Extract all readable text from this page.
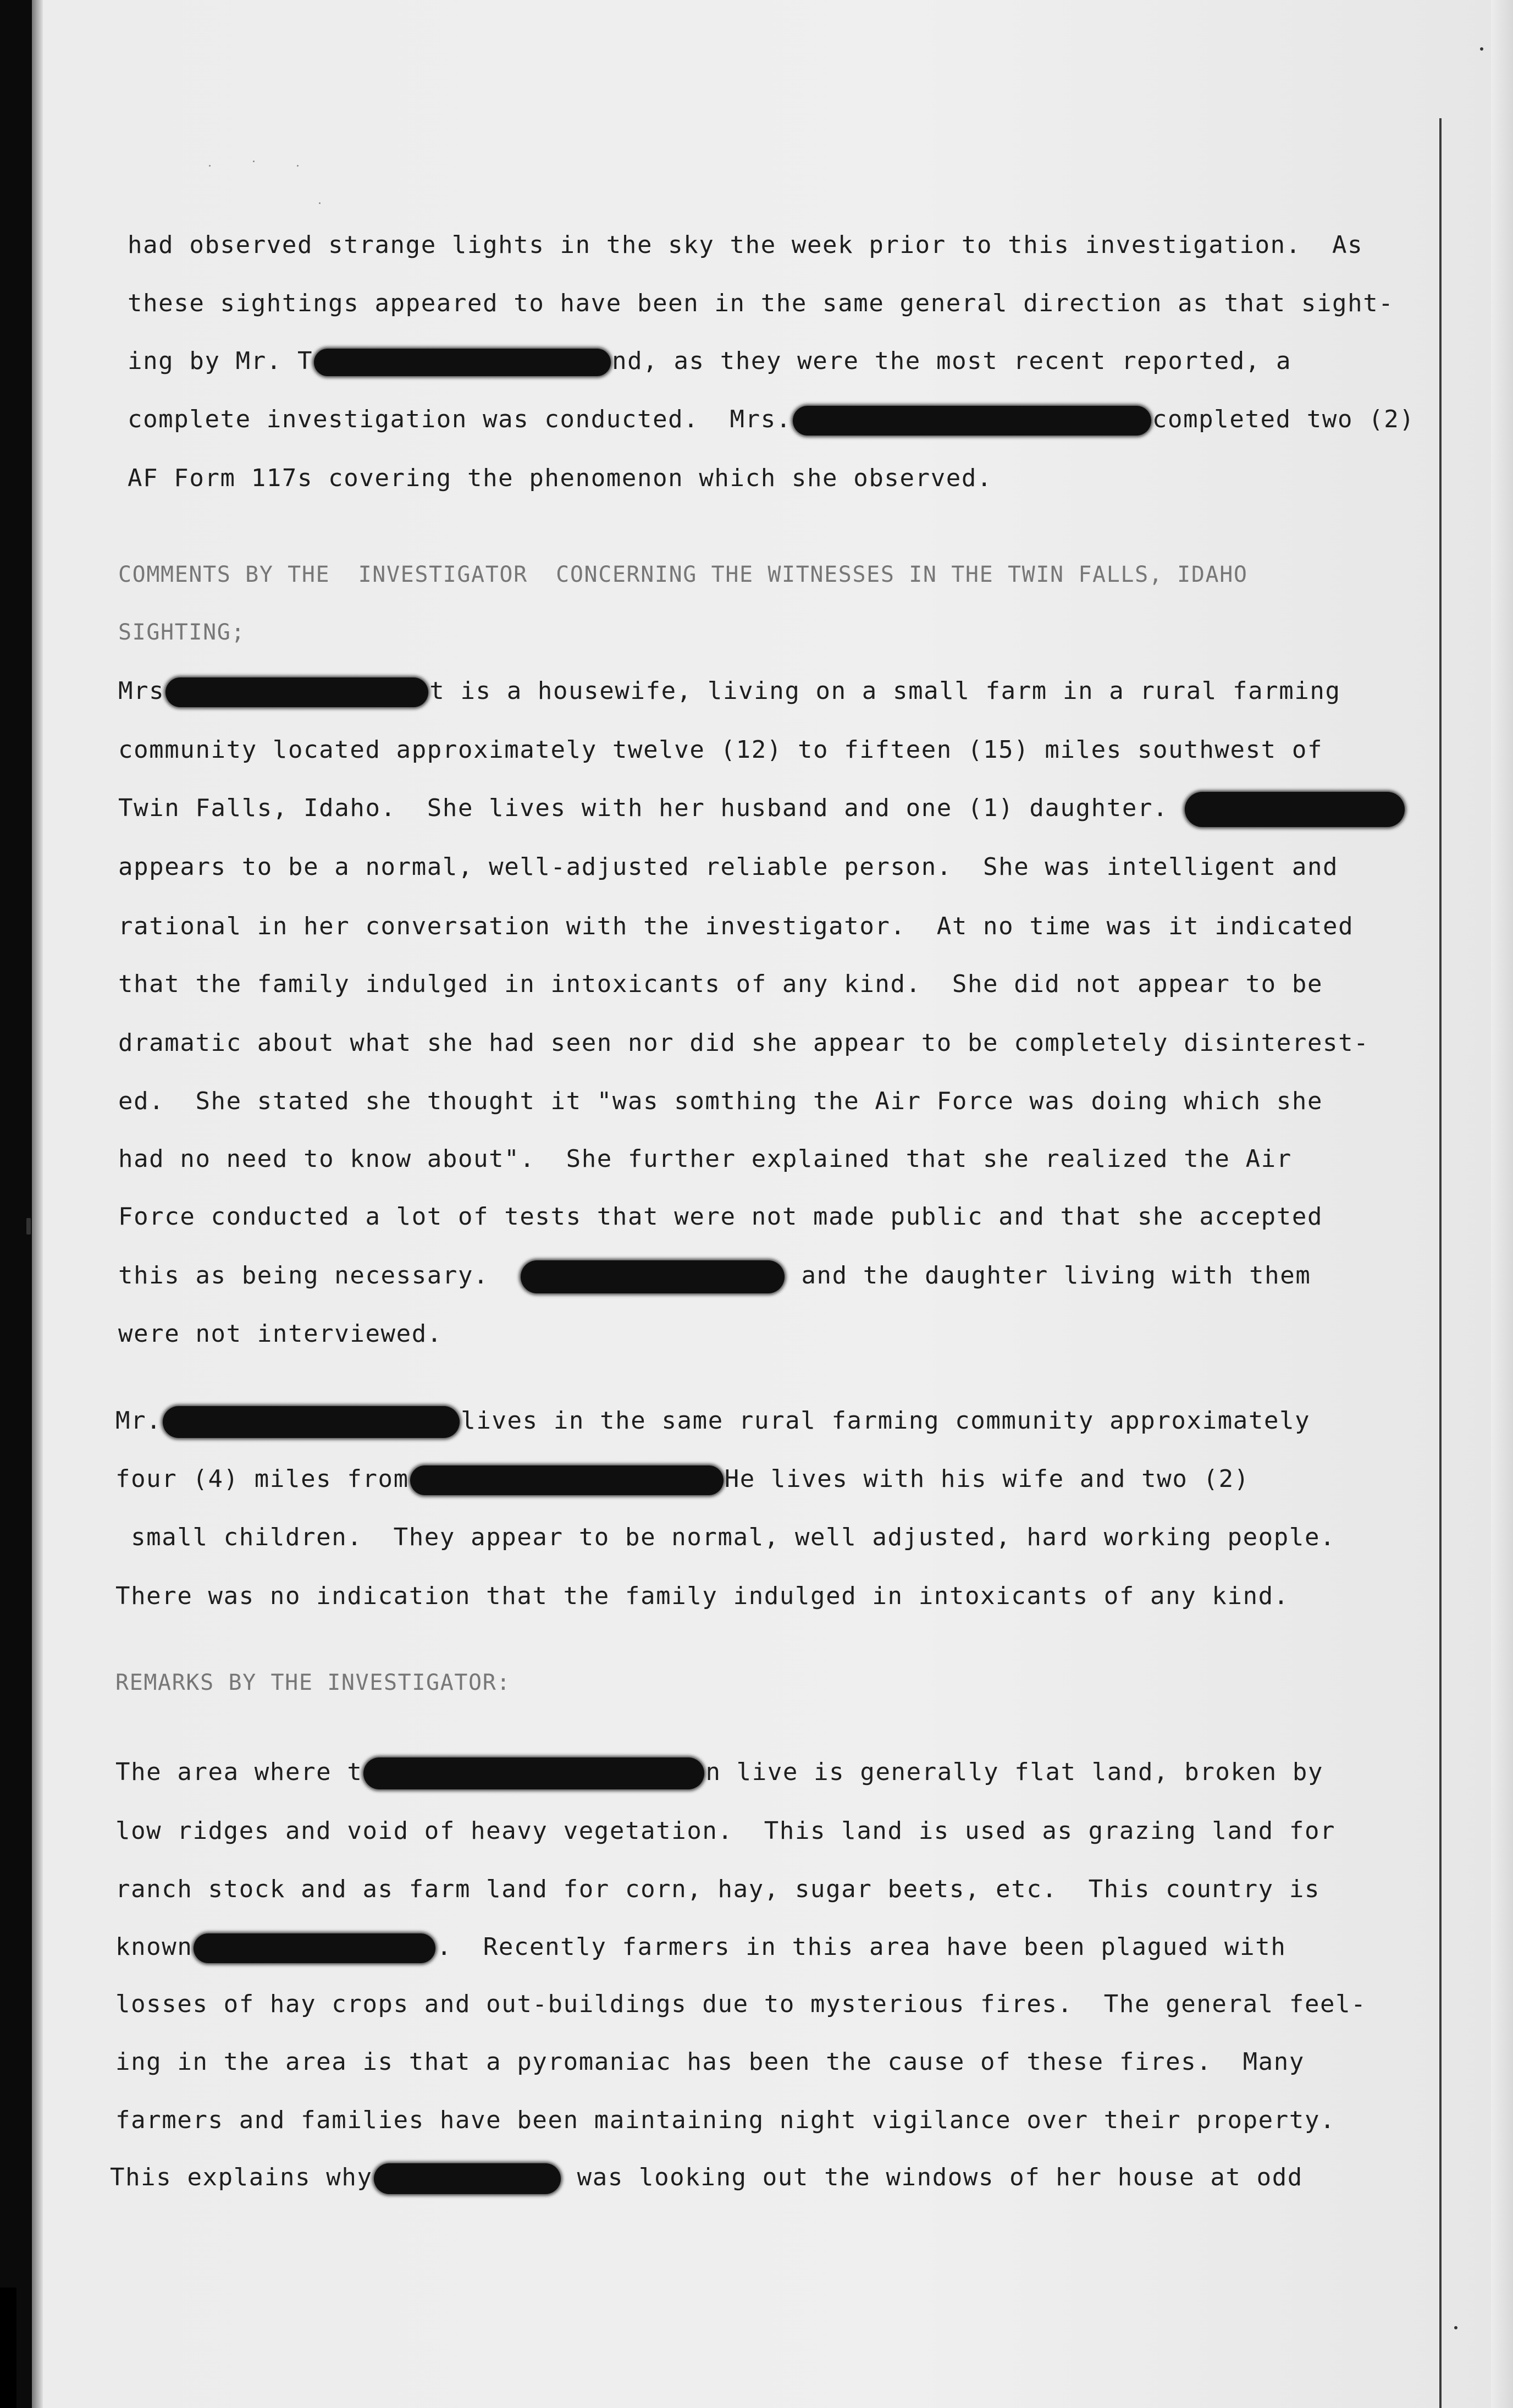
had observed strange lights in the sky the week prior to this investigation.  As
these sightings appeared to have been in the same general direction as that sight-
ing by Mr. T	nd, as they were the most recent reported, a
complete investigation was conducted.  Mrs.	completed two (2)
AF Form 117s covering the phenomenon which she observed.
COMMENTS BY THE  INVESTIGATOR  CONCERNING THE WITNESSES IN THE TWIN FALLS, IDAHO
SIGHTING;
Mrs	t is a housewife, living on a small farm in a rural farming
community located approximately twelve (12) to fifteen (15) miles southwest of
Twin Falls, Idaho.  She lives with her husband and one (1) daughter.
appears to be a normal, well-adjusted reliable person.  She was intelligent and
rational in her conversation with the investigator.  At no time was it indicated
that the family indulged in intoxicants of any kind.  She did not appear to be
dramatic about what she had seen nor did she appear to be completely disinterest-
ed.  She stated she thought it "was somthing the Air Force was doing which she
had no need to know about".  She further explained that she realized the Air
Force conducted a lot of tests that were not made public and that she accepted
this as being necessary.	and the daughter living with them
were not interviewed.
Mr.	lives in the same rural farming community approximately
four (4) miles from	He lives with his wife and two (2)
small children.  They appear to be normal, well adjusted, hard working people.
There was no indication that the family indulged in intoxicants of any kind.
REMARKS BY THE INVESTIGATOR:
The area where t	n live is generally flat land, broken by
low ridges and void of heavy vegetation.  This land is used as grazing land for
ranch stock and as farm land for corn, hay, sugar beets, etc.  This country is
known	.  Recently farmers in this area have been plagued with
losses of hay crops and out-buildings due to mysterious fires.  The general feel-
ing in the area is that a pyromaniac has been the cause of these fires.  Many
farmers and families have been maintaining night vigilance over their property.
This explains why	was looking out the windows of her house at odd
